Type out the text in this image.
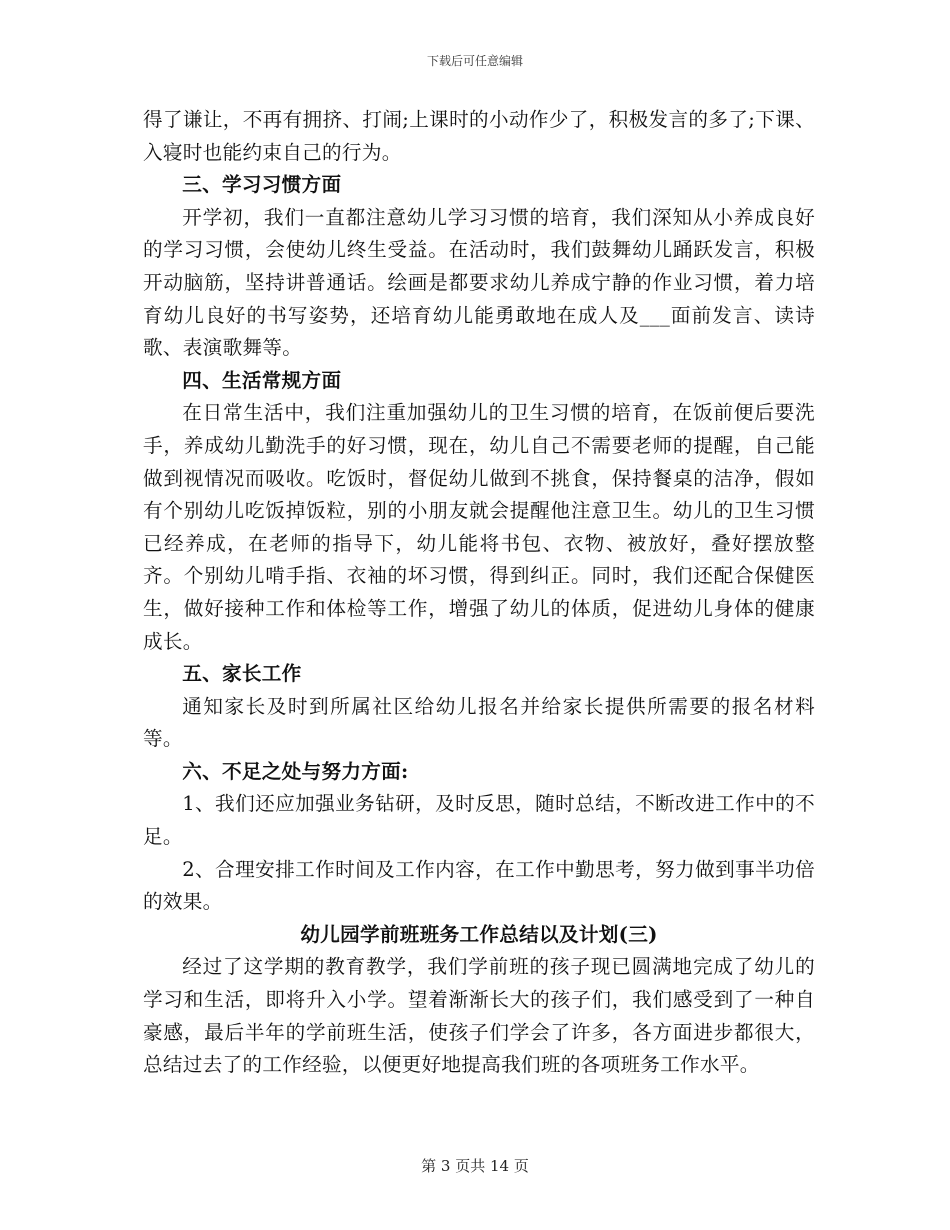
下载后可任意编辑

得了谦让，不再有拥挤、打闹;上课时的小动作少了，积极发言的多了;下课、入寝时也能约束自己的行为。

三、学习习惯方面

开学初，我们一直都注意幼儿学习习惯的培育，我们深知从小养成良好的学习习惯，会使幼儿终生受益。在活动时，我们鼓舞幼儿踊跃发言，积极开动脑筋，坚持讲普通话。绘画是都要求幼儿养成宁静的作业习惯，着力培育幼儿良好的书写姿势，还培育幼儿能勇敢地在成人及___面前发言、读诗歌、表演歌舞等。

四、生活常规方面

在日常生活中，我们注重加强幼儿的卫生习惯的培育，在饭前便后要洗手，养成幼儿勤洗手的好习惯，现在，幼儿自己不需要老师的提醒，自己能做到视情况而吸收。吃饭时，督促幼儿做到不挑食，保持餐桌的洁净，假如有个别幼儿吃饭掉饭粒，别的小朋友就会提醒他注意卫生。幼儿的卫生习惯已经养成，在老师的指导下，幼儿能将书包、衣物、被放好，叠好摆放整齐。个别幼儿啃手指、衣袖的坏习惯，得到纠正。同时，我们还配合保健医生，做好接种工作和体检等工作，增强了幼儿的体质，促进幼儿身体的健康成长。

五、家长工作

通知家长及时到所属社区给幼儿报名并给家长提供所需要的报名材料等。

六、不足之处与努力方面:

1、我们还应加强业务钻研，及时反思，随时总结，不断改进工作中的不足。

2、合理安排工作时间及工作内容，在工作中勤思考，努力做到事半功倍的效果。

幼儿园学前班班务工作总结以及计划(三)

经过了这学期的教育教学，我们学前班的孩子现已圆满地完成了幼儿的学习和生活，即将升入小学。望着渐渐长大的孩子们，我们感受到了一种自豪感，最后半年的学前班生活，使孩子们学会了许多，各方面进步都很大，总结过去了的工作经验，以便更好地提高我们班的各项班务工作水平。

第 3 页共 14 页
